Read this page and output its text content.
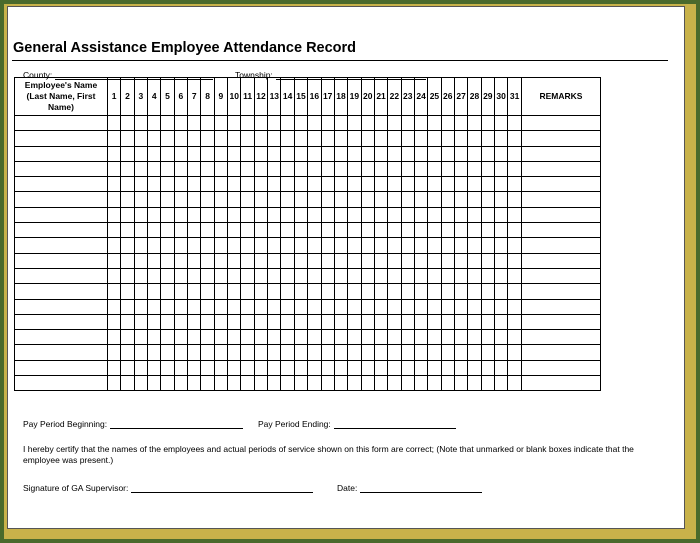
General Assistance Employee Attendance Record
County:	Township:
Employee's Name (Last Name, First Name)	1	2	3	4	5	6	7	8	9	10	11	12	13	14	15	16	17	18	19	20	21	22	23	24	25	26	27	28	29	30	31	REMARKS

Pay Period Beginning:	Pay Period Ending:
I hereby certify that the names of the employees and actual periods of service shown on this form are correct; (Note that unmarked or blank boxes indicate that the employee was present.)
Signature of GA Supervisor:	Date:
